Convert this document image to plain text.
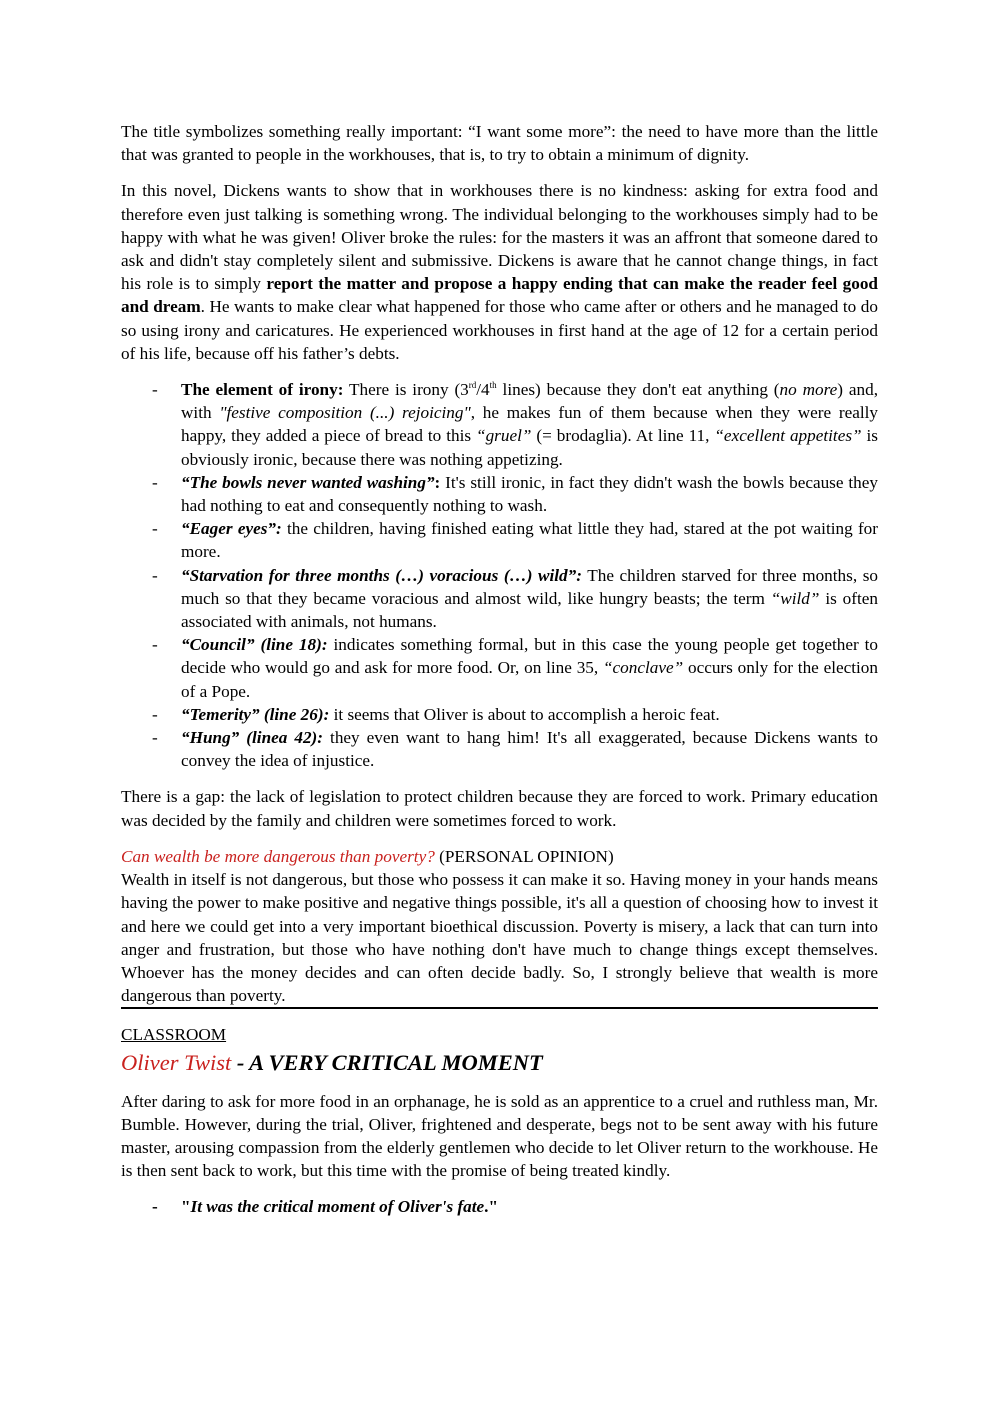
The title symbolizes something really important: “I want some more”: the need to have more than the little that was granted to people in the workhouses, that is, to try to obtain a minimum of dignity.

In this novel, Dickens wants to show that in workhouses there is no kindness: asking for extra food and therefore even just talking is something wrong. The individual belonging to the workhouses simply had to be happy with what he was given! Oliver broke the rules: for the masters it was an affront that someone dared to ask and didn't stay completely silent and submissive. Dickens is aware that he cannot change things, in fact his role is to simply report the matter and propose a happy ending that can make the reader feel good and dream. He wants to make clear what happened for those who came after or others and he managed to do so using irony and caricatures. He experienced workhouses in first hand at the age of 12 for a certain period of his life, because off his father’s debts.

- The element of irony: There is irony (3rd/4th lines) because they don't eat anything (no more) and, with "festive composition (...) rejoicing", he makes fun of them because when they were really happy, they added a piece of bread to this “gruel” (= brodaglia). At line 11, “excellent appetites” is obviously ironic, because there was nothing appetizing.
- “The bowls never wanted washing”: It's still ironic, in fact they didn't wash the bowls because they had nothing to eat and consequently nothing to wash.
- “Eager eyes”: the children, having finished eating what little they had, stared at the pot waiting for more.
- “Starvation for three months (…) voracious (…) wild”: The children starved for three months, so much so that they became voracious and almost wild, like hungry beasts; the term “wild” is often associated with animals, not humans.
- “Council” (line 18): indicates something formal, but in this case the young people get together to decide who would go and ask for more food. Or, on line 35, “conclave” occurs only for the election of a Pope.
- “Temerity” (line 26): it seems that Oliver is about to accomplish a heroic feat.
- “Hung” (linea 42): they even want to hang him! It's all exaggerated, because Dickens wants to convey the idea of injustice.

There is a gap: the lack of legislation to protect children because they are forced to work. Primary education was decided by the family and children were sometimes forced to work.

Can wealth be more dangerous than poverty? (PERSONAL OPINION)

Wealth in itself is not dangerous, but those who possess it can make it so. Having money in your hands means having the power to make positive and negative things possible, it's all a question of choosing how to invest it and here we could get into a very important bioethical discussion. Poverty is misery, a lack that can turn into anger and frustration, but those who have nothing don't have much to change things except themselves. Whoever has the money decides and can often decide badly. So, I strongly believe that wealth is more dangerous than poverty.

CLASSROOM

Oliver Twist - A VERY CRITICAL MOMENT

After daring to ask for more food in an orphanage, he is sold as an apprentice to a cruel and ruthless man, Mr. Bumble. However, during the trial, Oliver, frightened and desperate, begs not to be sent away with his future master, arousing compassion from the elderly gentlemen who decide to let Oliver return to the workhouse. He is then sent back to work, but this time with the promise of being treated kindly.

- "It was the critical moment of Oliver's fate."
